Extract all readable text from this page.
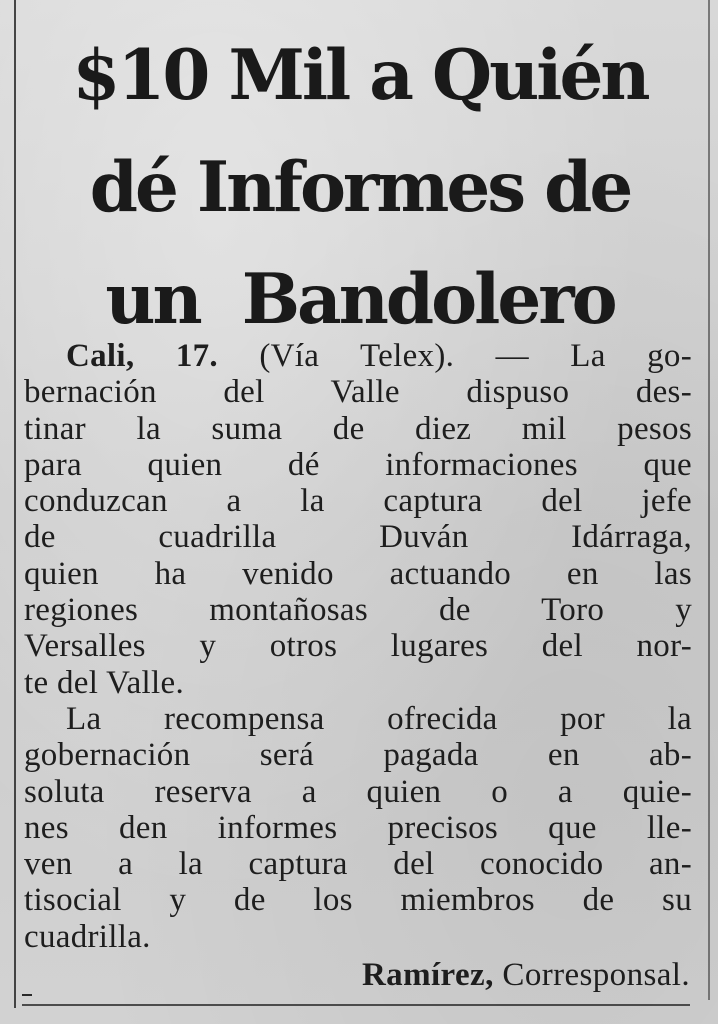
$10 Mil a Quién
dé Informes de
un  Bandolero

Cali, 17. (Vía Telex). — La go-
bernación del Valle dispuso des-
tinar la suma de diez mil pesos
para quien dé informaciones que
conduzcan a la captura del jefe
de cuadrilla Duván Idárraga,
quien ha venido actuando en las
regiones montañosas de Toro y
Versalles y otros lugares del nor-
te del Valle.

La recompensa ofrecida por la
gobernación será pagada en ab-
soluta reserva a quien o a quie-
nes den informes precisos que lle-
ven a la captura del conocido an-
tisocial y de los miembros de su
cuadrilla.

Ramírez, Corresponsal.
